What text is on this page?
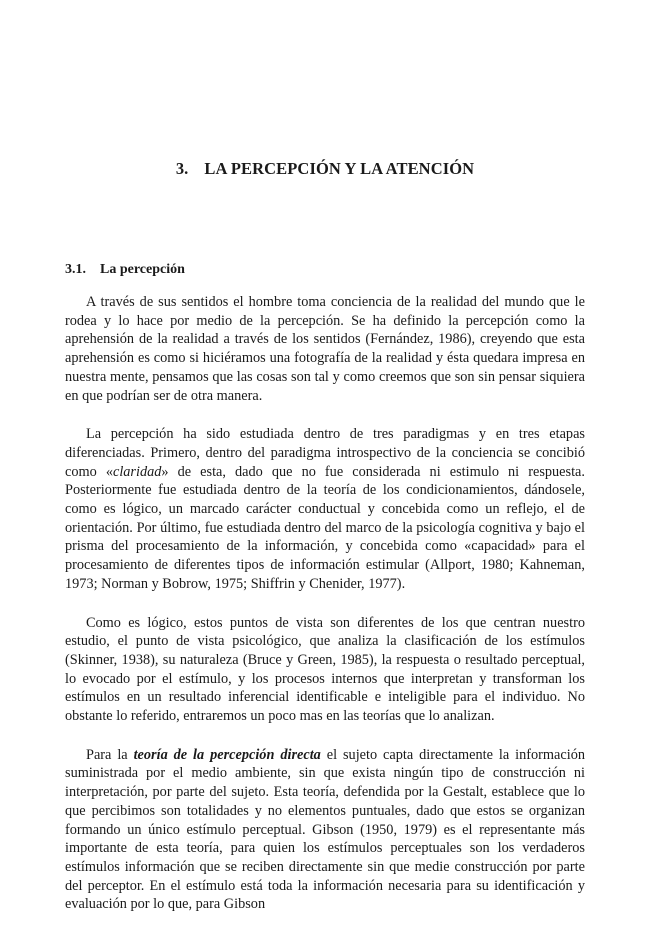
3. LA PERCEPCIÓN Y LA ATENCIÓN
3.1. La percepción

A través de sus sentidos el hombre toma conciencia de la realidad del mundo que le rodea y lo hace por medio de la percepción. Se ha definido la percepción como la aprehensión de la realidad a través de los sentidos (Fernández, 1986), creyendo que esta aprehensión es como si hiciéramos una fotografía de la realidad y ésta quedara impresa en nuestra mente, pensamos que las cosas son tal y como creemos que son sin pensar siquiera en que podrían ser de otra manera.

La percepción ha sido estudiada dentro de tres paradigmas y en tres etapas diferenciadas. Primero, dentro del paradigma introspectivo de la conciencia se concibió como «claridad» de esta, dado que no fue considerada ni estimulo ni respuesta. Posteriormente fue estudiada dentro de la teoría de los condicionamientos, dándosele, como es lógico, un marcado carácter conductual y concebida como un reflejo, el de orientación. Por último, fue estudiada dentro del marco de la psicología cognitiva y bajo el prisma del procesamiento de la información, y concebida como «capacidad» para el procesamiento de diferentes tipos de información estimular (Allport, 1980; Kahneman, 1973; Norman y Bobrow, 1975; Shiffrin y Chenider, 1977).

Como es lógico, estos puntos de vista son diferentes de los que centran nuestro estudio, el punto de vista psicológico, que analiza la clasificación de los estímulos (Skinner, 1938), su naturaleza (Bruce y Green, 1985), la respuesta o resultado perceptual, lo evocado por el estímulo, y los procesos internos que interpretan y transforman los estímulos en un resultado inferencial identificable e inteligible para el individuo. No obstante lo referido, entraremos un poco mas en las teorías que lo analizan.

Para la teoría de la percepción directa el sujeto capta directamente la información suministrada por el medio ambiente, sin que exista ningún tipo de construcción ni interpretación, por parte del sujeto. Esta teoría, defendida por la Gestalt, establece que lo que percibimos son totalidades y no elementos puntuales, dado que estos se organizan formando un único estímulo perceptual. Gibson (1950, 1979) es el representante más importante de esta teoría, para quien los estímulos perceptuales son los verdaderos estímulos información que se reciben directamente sin que medie construcción por parte del perceptor. En el estímulo está toda la información necesaria para su identificación y evaluación por lo que, para Gibson
